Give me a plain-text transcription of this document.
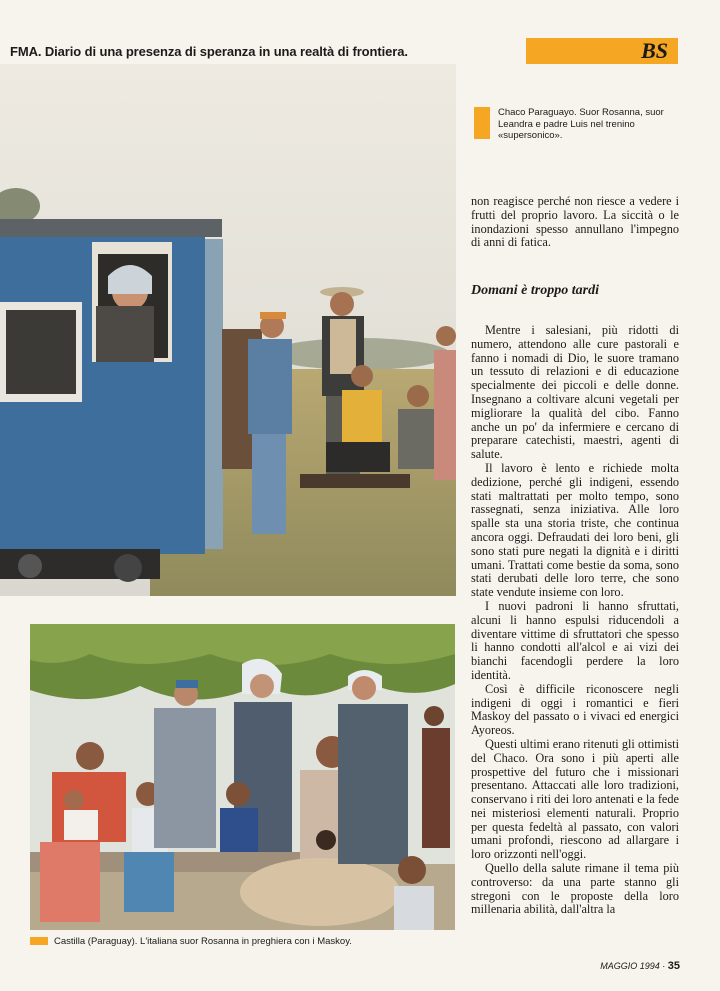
FMA. Diario di una presenza di speranza in una realtà di frontiera.	BS
Chaco Paraguayo. Suor Rosanna, suor Leandra e padre Luis nel trenino «supersonico».

non reagisce perché non riesce a vedere i frutti del proprio lavoro. La siccità o le inondazioni spesso annullano l'impegno di anni di fatica.

Domani è troppo tardi

Mentre i salesiani, più ridotti di numero, attendono alle cure pastorali e fanno i nomadi di Dio, le suore tramano un tessuto di relazioni e di educazione specialmente dei piccoli e delle donne. Insegnano a coltivare alcuni vegetali per migliorare la qualità del cibo. Fanno anche un po' da infermiere e cercano di preparare catechisti, maestri, agenti di salute.

Il lavoro è lento e richiede molta dedizione, perché gli indigeni, essendo stati maltrattati per molto tempo, sono rassegnati, senza iniziativa. Alle loro spalle sta una storia triste, che continua ancora oggi. Defraudati dei loro beni, gli sono stati pure negati la dignità e i diritti umani. Trattati come bestie da soma, sono stati derubati delle loro terre, che sono state vendute insieme con loro.

I nuovi padroni li hanno sfruttati, alcuni li hanno espulsi riducendoli a diventare vittime di sfruttatori che spesso li hanno condotti all'alcol e ai vizi dei bianchi facendogli perdere la loro identità.

Così è difficile riconoscere negli indigeni di oggi i romantici e fieri Maskoy del passato o i vivaci ed energici Ayoreos.

Questi ultimi erano ritenuti gli ottimisti del Chaco. Ora sono i più aperti alle prospettive del futuro che i missionari presentano. Attaccati alle loro tradizioni, conservano i riti dei loro antenati e la fede nei misteriosi elementi naturali. Proprio per questa fedeltà al passato, con valori umani profondi, riescono ad allargare i loro orizzonti nell'oggi.

Quello della salute rimane il tema più controverso: da una parte stanno gli stregoni con le proposte della loro millenaria abilità, dall'altra la

Castilla (Paraguay). L'italiana suor Rosanna in preghiera con i Maskoy.
MAGGIO 1994 · 35
